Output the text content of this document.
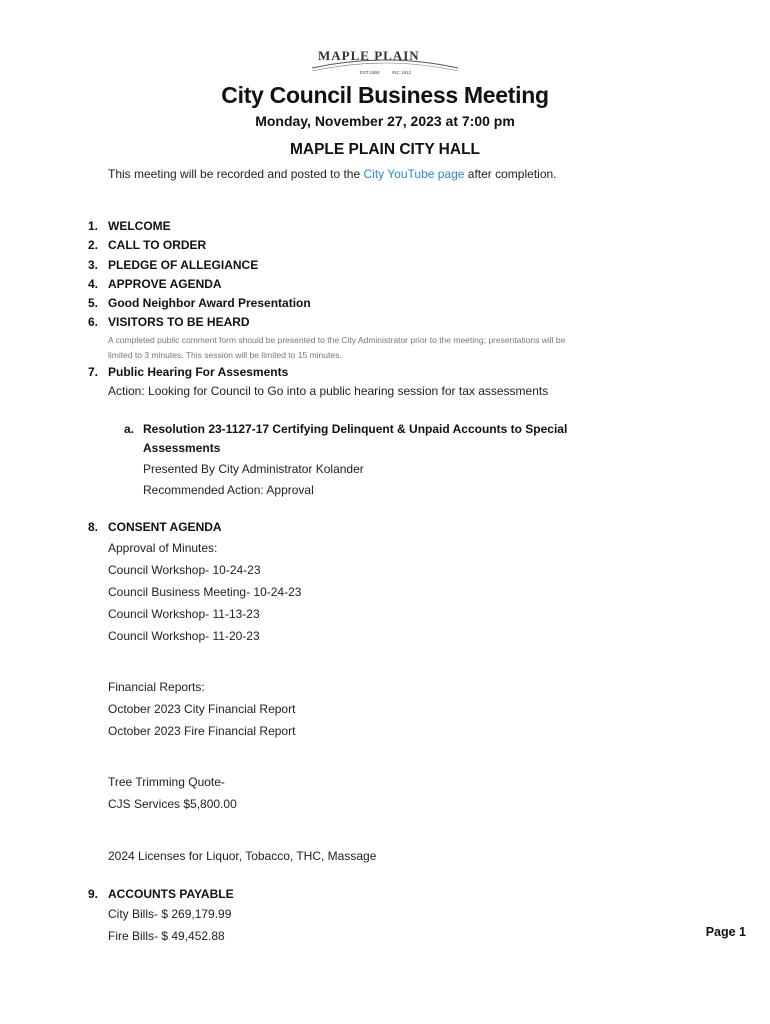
MAPLE PLAIN
EST.1868	INC.1912
City Council Business Meeting
Monday, November 27, 2023 at 7:00 pm
MAPLE PLAIN CITY HALL
This meeting will be recorded and posted to the City YouTube page after completion.
1. WELCOME
2. CALL TO ORDER
3. PLEDGE OF ALLEGIANCE
4. APPROVE AGENDA
5. Good Neighbor Award Presentation
6. VISITORS TO BE HEARD
A completed public comment form should be presented to the City Administrator prior to the meeting; presentations will be
limited to 3 minutes. This session will be limited to 15 minutes.
7. Public Hearing For Assesments
Action: Looking for Council to Go into a public hearing session for tax assessments
a. Resolution 23-1127-17 Certifying Delinquent & Unpaid Accounts to Special
Assessments
Presented By City Administrator Kolander
Recommended Action: Approval
8. CONSENT AGENDA
Approval of Minutes:
Council Workshop- 10-24-23
Council Business Meeting- 10-24-23
Council Workshop- 11-13-23
Council Workshop- 11-20-23
Financial Reports:
October 2023 City Financial Report
October 2023 Fire Financial Report
Tree Trimming Quote-
CJS Services $5,800.00
2024 Licenses for Liquor, Tobacco, THC, Massage
9. ACCOUNTS PAYABLE
City Bills- $ 269,179.99
Fire Bills- $ 49,452.88	Page 1
